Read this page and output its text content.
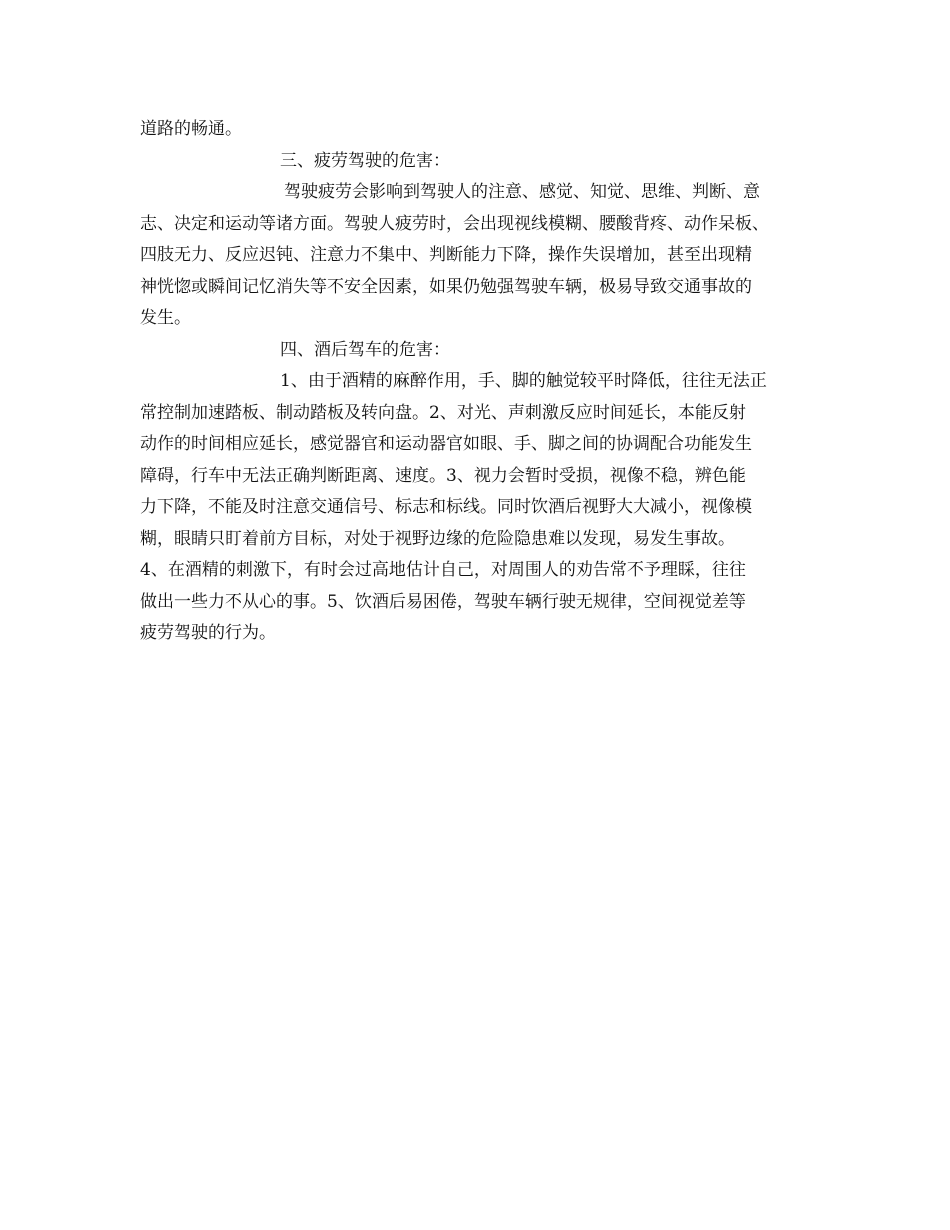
道路的畅通。
三、疲劳驾驶的危害：
驾驶疲劳会影响到驾驶人的注意、感觉、知觉、思维、判断、意
志、决定和运动等诸方面。驾驶人疲劳时，会出现视线模糊、腰酸背疼、动作呆板、
四肢无力、反应迟钝、注意力不集中、判断能力下降，操作失误增加，甚至出现精
神恍惚或瞬间记忆消失等不安全因素，如果仍勉强驾驶车辆，极易导致交通事故的
发生。
四、酒后驾车的危害：
1、由于酒精的麻醉作用，手、脚的触觉较平时降低，往往无法正
常控制加速踏板、制动踏板及转向盘。2、对光、声刺激反应时间延长，本能反射
动作的时间相应延长，感觉器官和运动器官如眼、手、脚之间的协调配合功能发生
障碍，行车中无法正确判断距离、速度。3、视力会暂时受损，视像不稳，辨色能
力下降，不能及时注意交通信号、标志和标线。同时饮酒后视野大大减小，视像模
糊，眼睛只盯着前方目标，对处于视野边缘的危险隐患难以发现，易发生事故。
4、在酒精的刺激下，有时会过高地估计自己，对周围人的劝告常不予理睬，往往
做出一些力不从心的事。5、饮酒后易困倦，驾驶车辆行驶无规律，空间视觉差等
疲劳驾驶的行为。
